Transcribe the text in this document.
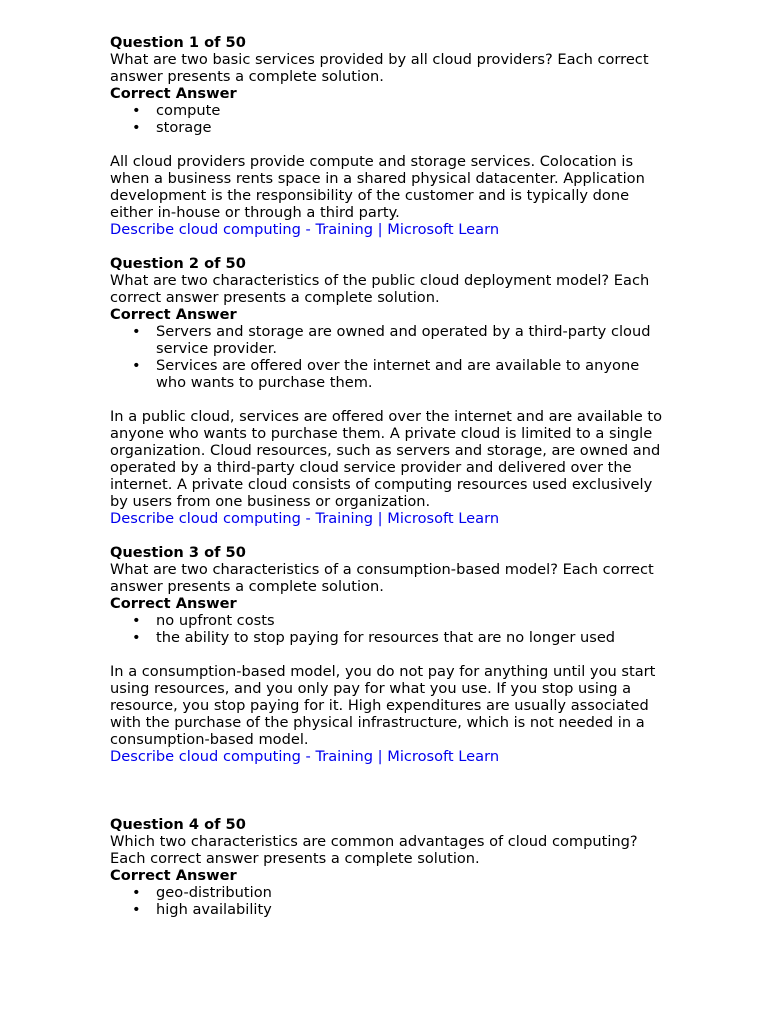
Question 1 of 50
What are two basic services provided by all cloud providers? Each correct answer presents a complete solution.
Correct Answer
• compute
• storage
All cloud providers provide compute and storage services. Colocation is when a business rents space in a shared physical datacenter. Application development is the responsibility of the customer and is typically done either in-house or through a third party.
Describe cloud computing - Training | Microsoft Learn
Question 2 of 50
What are two characteristics of the public cloud deployment model? Each correct answer presents a complete solution.
Correct Answer
• Servers and storage are owned and operated by a third-party cloud service provider.
• Services are offered over the internet and are available to anyone who wants to purchase them.
In a public cloud, services are offered over the internet and are available to anyone who wants to purchase them. A private cloud is limited to a single organization. Cloud resources, such as servers and storage, are owned and operated by a third-party cloud service provider and delivered over the internet. A private cloud consists of computing resources used exclusively by users from one business or organization.
Describe cloud computing - Training | Microsoft Learn
Question 3 of 50
What are two characteristics of a consumption-based model? Each correct answer presents a complete solution.
Correct Answer
• no upfront costs
• the ability to stop paying for resources that are no longer used
In a consumption-based model, you do not pay for anything until you start using resources, and you only pay for what you use. If you stop using a resource, you stop paying for it. High expenditures are usually associated with the purchase of the physical infrastructure, which is not needed in a consumption-based model.
Describe cloud computing - Training | Microsoft Learn
Question 4 of 50
Which two characteristics are common advantages of cloud computing? Each correct answer presents a complete solution.
Correct Answer
• geo-distribution
• high availability
